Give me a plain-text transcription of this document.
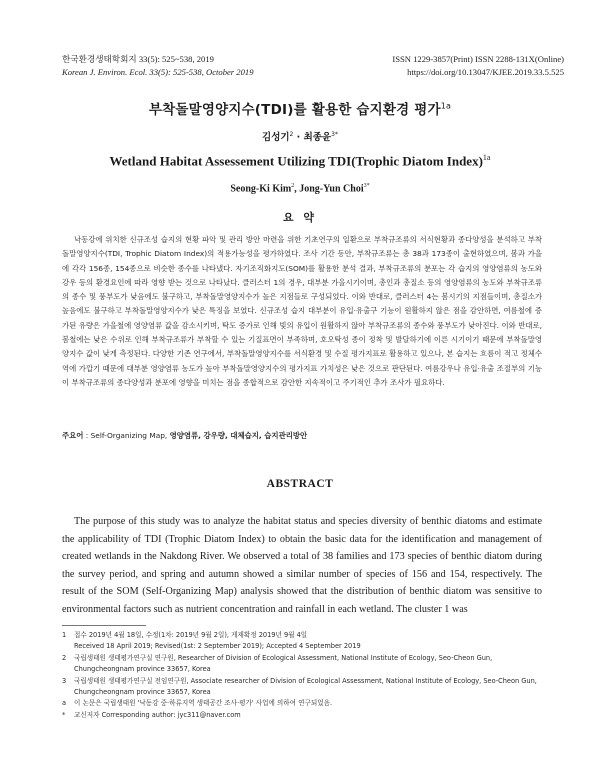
한국환경생태학회지 33(5): 525~538, 2019
Korean J. Environ. Ecol. 33(5): 525-538, October 2019
ISSN 1229-3857(Print) ISSN 2288-131X(Online)
https://doi.org/10.13047/KJEE.2019.33.5.525
부착돌말영양지수(TDI)를 활용한 습지환경 평가$^{1a}$
김성기$^2$ · 최종윤$^{3*}$
Wetland Habitat Assessement Utilizing TDI(Trophic Diatom Index)$^{1a}$
Seong-Ki Kim$^2$, Jong-Yun Choi$^{3*}$
요 약

낙동강에 위치한 신규조성 습지의 현황 파악 및 관리 방안 마련을 위한 기초연구의 일환으로 부착규조류의 서식현황과 종다양성을 분석하고 부착돌말영양지수(TDI, Trophic Diatom Index)의 적용가능성을 평가하였다. 조사 기간 동안, 부착규조류는 총 38과 173종이 출현하였으며, 봄과 가을에 각각 156종, 154종으로 비슷한 종수를 나타냈다. 자기조직화지도(SOM)를 활용한 분석 결과, 부착규조류의 분포는 각 습지의 영양염류의 농도와 강우 등의 환경요인에 따라 영향 받는 것으로 나타났다. 클러스터 1의 경우, 대부분 가을시기이며, 총인과 총질소 등의 영양염류의 농도와 부착규조류의 종수 및 풍부도가 낮음에도 불구하고, 부착돌말영양지수가 높은 지점들로 구성되었다. 이와 반대로, 클러스터 4는 봄시기의 지점들이며, 총질소가 높음에도 불구하고 부착돌말영양지수가 낮은 특징을 보였다. 신규조성 습지 대부분이 유입·유출구 기능이 원활하지 않은 점을 감안하면, 여름철에 증가된 유량은 가을철에 영양염류 값을 감소시키며, 탁도 증가로 인해 빛의 유입이 원활하지 않아 부착규조류의 종수와 풍부도가 낮아진다. 이와 반대로, 봄철에는 낮은 수위로 인해 부착규조류가 부착할 수 있는 기질표면이 부족하며, 호오탁성 종이 정착 및 발달하기에 이른 시기이기 때문에 부착돌말영양지수 값이 낮게 측정된다. 다양한 기존 연구에서, 부착돌말영양지수를 서식환경 및 수질 평가지표로 활용하고 있으나, 본 습지는 흐름이 적고 정체수역에 가깝기 때문에 대부분 영양염류 농도가 높아 부착돌말영양지수의 평가지표 가치성은 낮은 것으로 판단된다. 여름강우나 유입·유출 조절부의 기능이 부착규조류의 종다양성과 분포에 영향을 미치는 점을 종합적으로 감안한 지속적이고 주기적인 추가 조사가 필요하다.

주요어 : Self-Organizing Map, 영양염류, 강우량, 대체습지, 습지관리방안
ABSTRACT

The purpose of this study was to analyze the habitat status and species diversity of benthic diatoms and estimate the applicability of TDI (Trophic Diatom Index) to obtain the basic data for the identification and management of created wetlands in the Nakdong River. We observed a total of 38 families and 173 species of benthic diatom during the survey period, and spring and autumn showed a similar number of species of 156 and 154, respectively. The result of the SOM (Self-Organizing Map) analysis showed that the distribution of benthic diatom was sensitive to environmental factors such as nutrient concentration and rainfall in each wetland. The cluster 1 was

1	접수 2019년 4월 18일, 수정(1차: 2019년 9월 2일), 게재확정 2019년 9월 4일
Received 18 April 2019; Revised(1st: 2 September 2019); Accepted 4 September 2019
2	국립생태원 생태평가연구실 연구원, Researcher of Division of Ecological Assessment, National Institute of Ecology, Seo-Cheon Gun, Chungcheongnam province 33657, Korea
3	국립생태원 생태평가연구실 전임연구원, Associate researcher of Division of Ecological Assessment, National Institute of Ecology, Seo-Cheon Gun, Chungcheongnam province 33657, Korea
a	이 논문은 국립생태원 '낙동강 중·하류지역 생태공간 조사·평가' 사업에 의하여 연구되었음.
*	교신저자 Corresponding author: jyc311@naver.com
